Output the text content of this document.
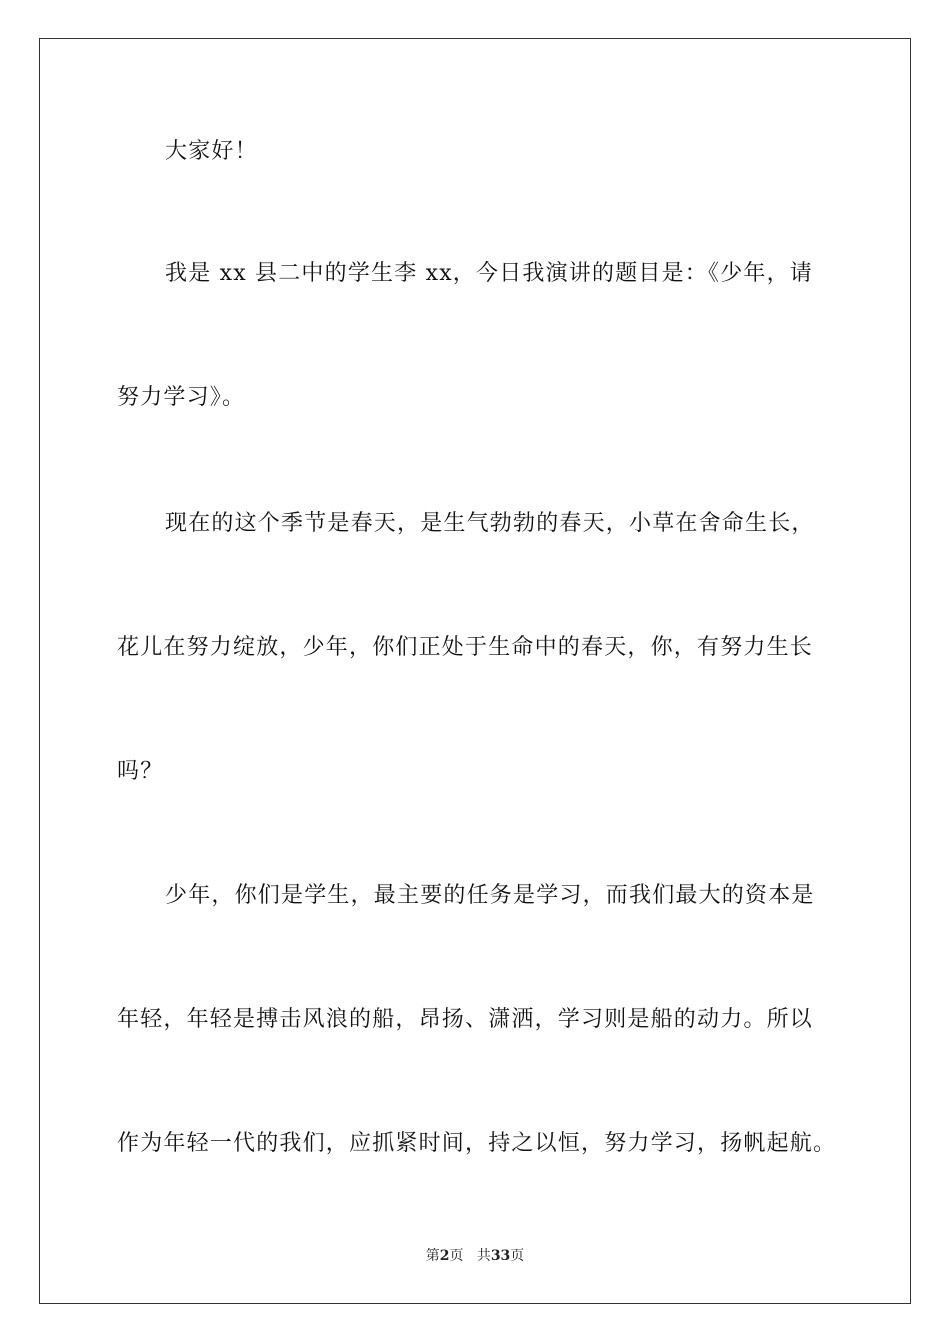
大家好！
我是 xx 县二中的学生李 xx，今日我演讲的题目是：《少年，请
努力学习》。
现在的这个季节是春天，是生气勃勃的春天，小草在舍命生长，
花儿在努力绽放，少年，你们正处于生命中的春天，你，有努力生长
吗？
少年，你们是学生，最主要的任务是学习，而我们最大的资本是
年轻，年轻是搏击风浪的船，昂扬、潇洒，学习则是船的动力。所以
作为年轻一代的我们，应抓紧时间，持之以恒，努力学习，扬帆起航。
第2页 共33页
